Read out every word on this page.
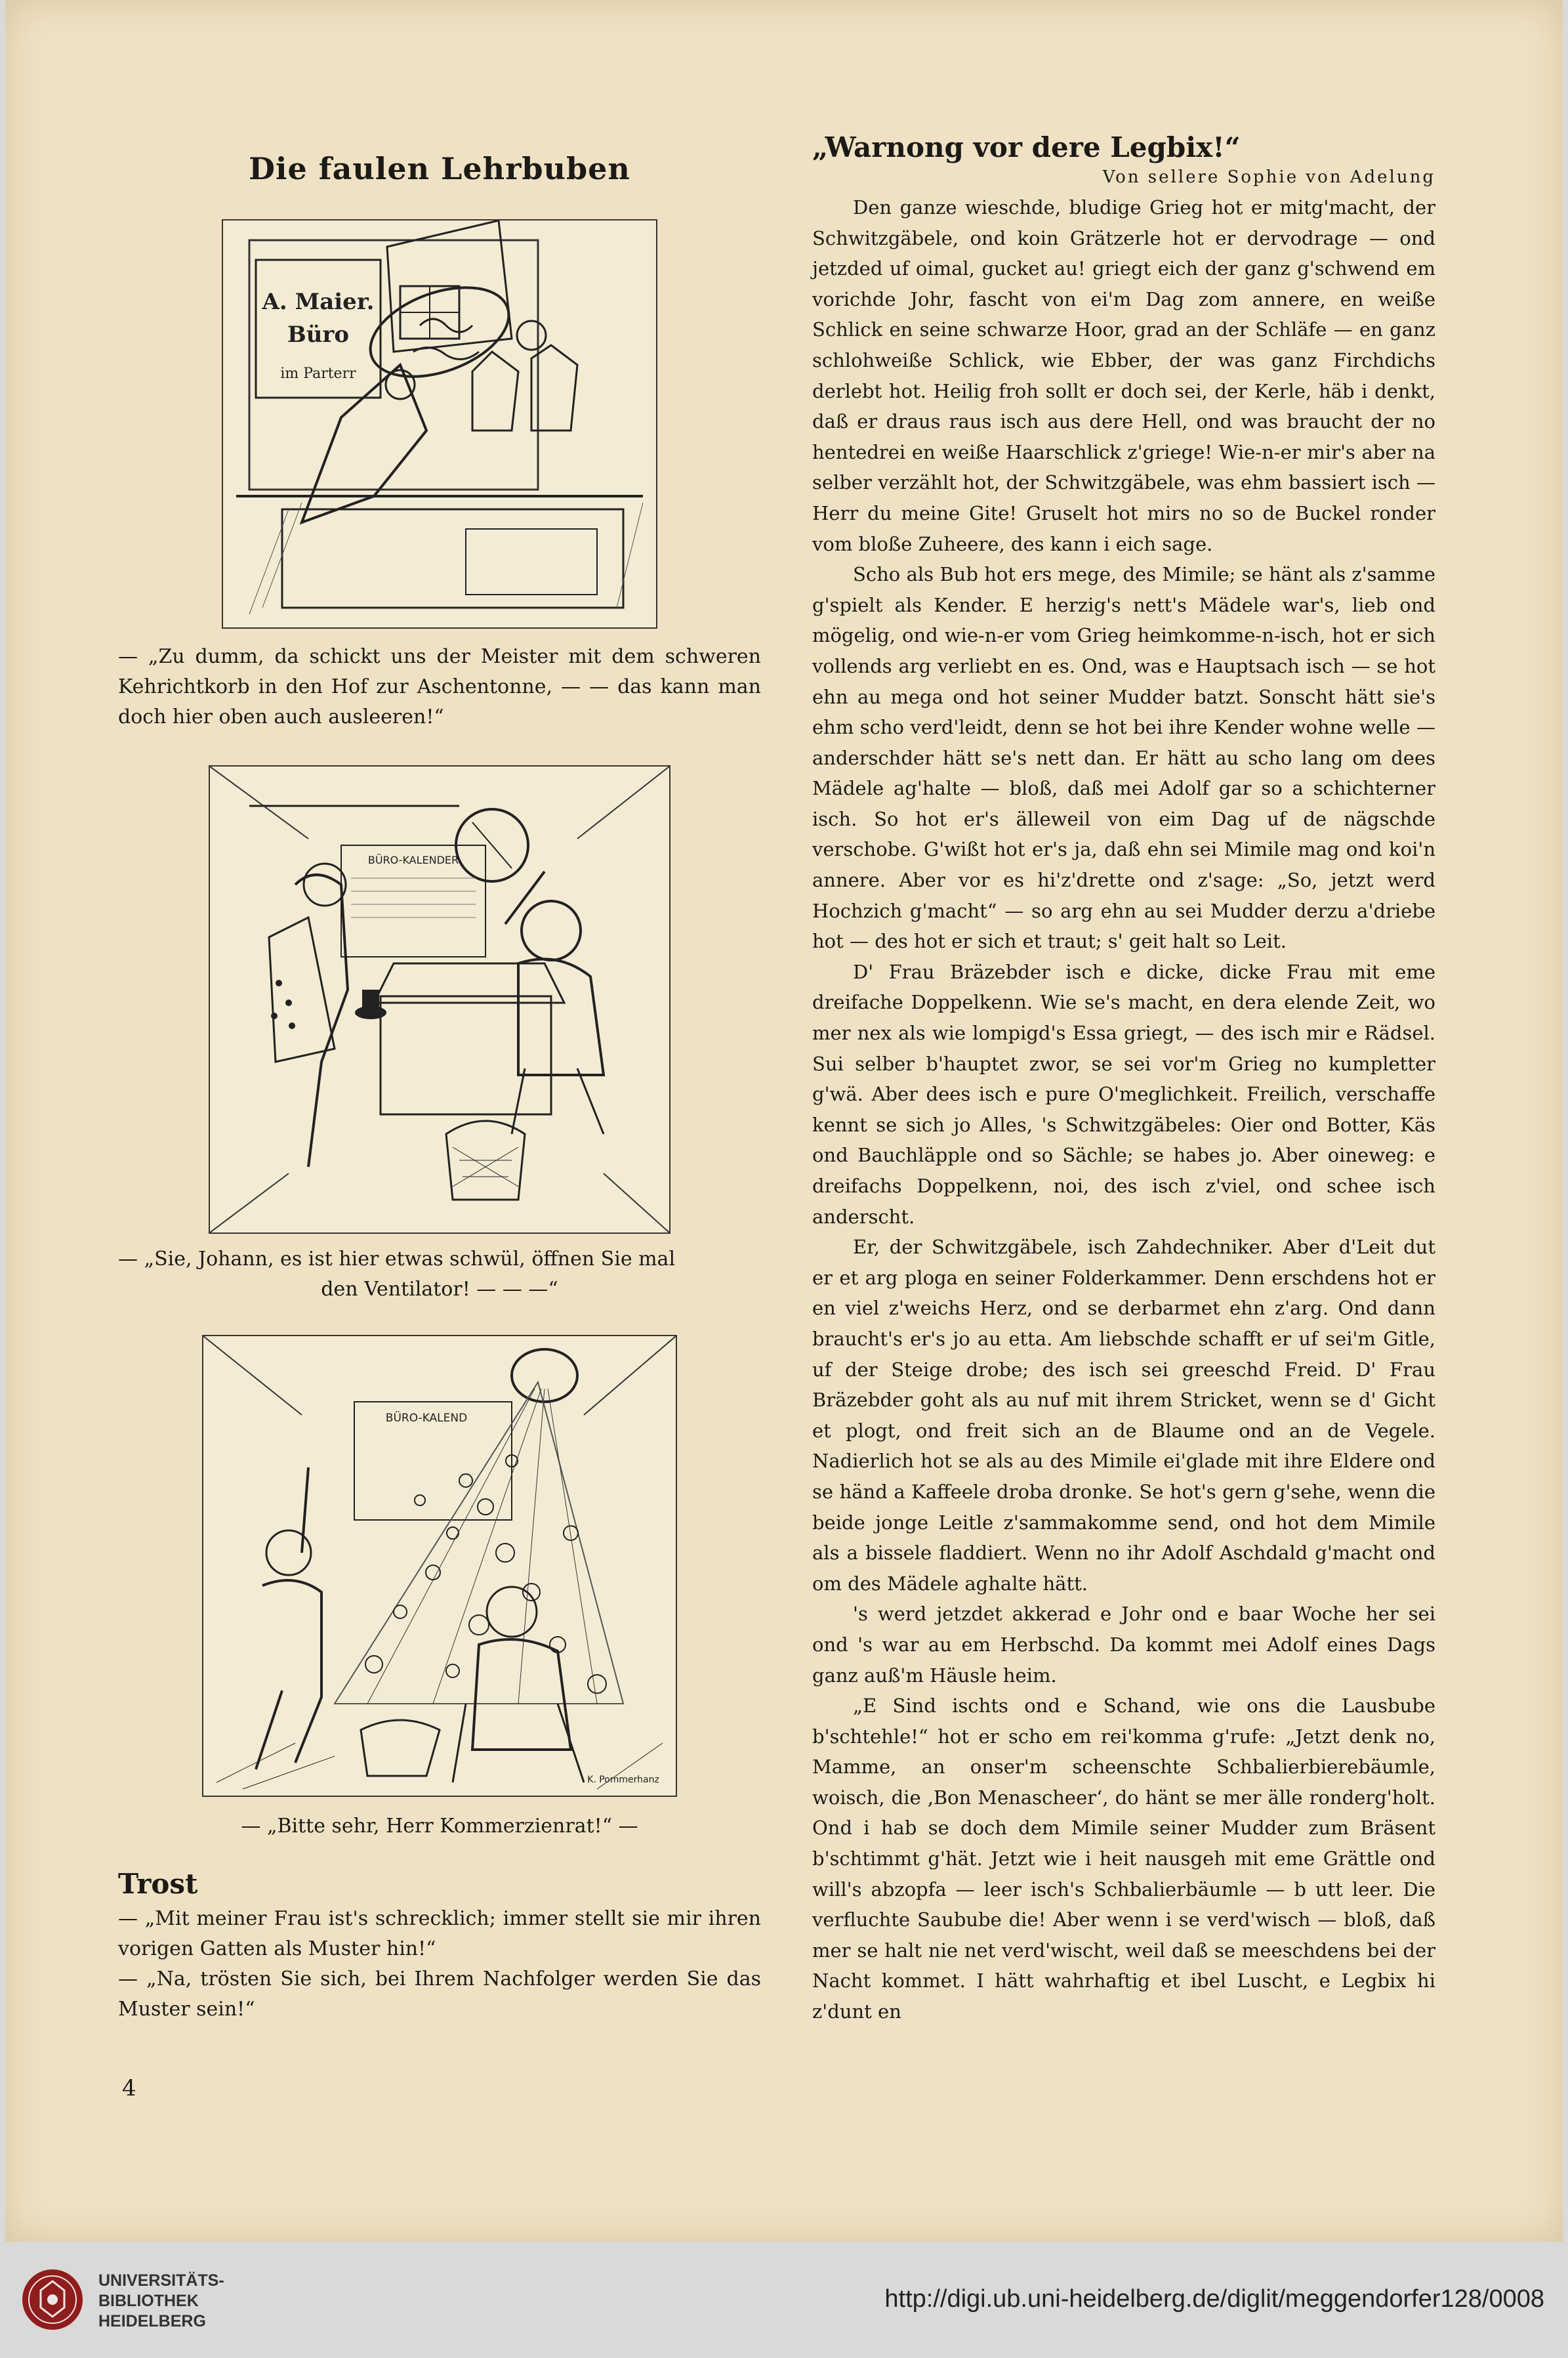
Die faulen Lehrbuben
A. Maier.
Büro
im Parterr

— „Zu dumm, da schickt uns der Meister mit dem schweren Kehrichtkorb in den Hof zur Aschentonne, — — das kann man doch hier oben auch ausleeren!“

BÜRO-KALENDER

— „Sie, Johann, es ist hier etwas schwül, öffnen Sie mal

den Ventilator! — — —“

BÜRO-KALEND
K. Pommerhanz

— „Bitte sehr, Herr Kommerzienrat!“ —

Trost

— „Mit meiner Frau ist's schrecklich; immer stellt sie mir ihren vorigen Gatten als Muster hin!“

— „Na, trösten Sie sich, bei Ihrem Nachfolger werden Sie das Muster sein!“

4
„Warnong vor dere Legbix!“
Von sellere Sophie von Adelung

Den ganze wieschde, bludige Grieg hot er mitg'macht, der Schwitzgäbele, ond koin Grätzerle hot er dervodrage — ond jetzded uf oimal, gucket au! griegt eich der ganz g'schwend em vorichde Johr, fascht von ei'm Dag zom annere, en weiße Schlick en seine schwarze Hoor, grad an der Schläfe — en ganz schlohweiße Schlick, wie Ebber, der was ganz Firchdichs derlebt hot. Heilig froh sollt er doch sei, der Kerle, häb i denkt, daß er draus raus isch aus dere Hell, ond was braucht der no hentedrei en weiße Haarschlick z'griege! Wie-n-er mir's aber na selber verzählt hot, der Schwitzgäbele, was ehm bassiert isch — Herr du meine Gite! Gruselt hot mirs no so de Buckel ronder vom bloße Zuheere, des kann i eich sage.

Scho als Bub hot ers mege, des Mimile; se hänt als z'samme g'spielt als Kender. E herzig's nett's Mädele war's, lieb ond mögelig, ond wie-n-er vom Grieg heimkomme-n-isch, hot er sich vollends arg verliebt en es. Ond, was e Hauptsach isch — se hot ehn au mega ond hot seiner Mudder batzt. Sonscht hätt sie's ehm scho verd'leidt, denn se hot bei ihre Kender wohne welle — anderschder hätt se's nett dan. Er hätt au scho lang om dees Mädele ag'halte — bloß, daß mei Adolf gar so a schichterner isch. So hot er's älleweil von eim Dag uf de nägschde verschobe. G'wißt hot er's ja, daß ehn sei Mimile mag ond koi'n annere. Aber vor es hi'z'drette ond z'sage: „So, jetzt werd Hochzich g'macht“ — so arg ehn au sei Mudder derzu a'driebe hot — des hot er sich et traut; s' geit halt so Leit.

D' Frau Bräzebder isch e dicke, dicke Frau mit eme dreifache Doppelkenn. Wie se's macht, en dera elende Zeit, wo mer nex als wie lompigd's Essa griegt, — des isch mir e Rädsel. Sui selber b'hauptet zwor, se sei vor'm Grieg no kumpletter g'wä. Aber dees isch e pure O'meglichkeit. Freilich, verschaffe kennt se sich jo Alles, 's Schwitzgäbeles: Oier ond Botter, Käs ond Bauchläpple ond so Sächle; se habes jo. Aber oineweg: e dreifachs Doppelkenn, noi, des isch z'viel, ond schee isch anderscht.

Er, der Schwitzgäbele, isch Zahdechniker. Aber d'Leit dut er et arg ploga en seiner Folderkammer. Denn erschdens hot er en viel z'weichs Herz, ond se derbarmet ehn z'arg. Ond dann braucht's er's jo au etta. Am liebschde schafft er uf sei'm Gitle, uf der Steige drobe; des isch sei greeschd Freid. D' Frau Bräzebder goht als au nuf mit ihrem Stricket, wenn se d' Gicht et plogt, ond freit sich an de Blaume ond an de Vegele. Nadierlich hot se als au des Mimile ei'glade mit ihre Eldere ond se händ a Kaffeele droba dronke. Se hot's gern g'sehe, wenn die beide jonge Leitle z'sammakomme send, ond hot dem Mimile als a bissele fladdiert. Wenn no ihr Adolf Aschdald g'macht ond om des Mädele aghalte hätt.

's werd jetzdet akkerad e Johr ond e baar Woche her sei ond 's war au em Herbschd. Da kommt mei Adolf eines Dags ganz auß'm Häusle heim.

„E Sind ischts ond e Schand, wie ons die Lausbube b'schtehle!“ hot er scho em rei'komma g'rufe: „Jetzt denk no, Mamme, an onser'm scheenschte Schbalierbierebäumle, woisch, die ‚Bon Menascheer‘, do hänt se mer älle ronderg'holt. Ond i hab se doch dem Mimile seiner Mudder zum Bräsent b'schtimmt g'hät. Jetzt wie i heit nausgeh mit eme Grättle ond will's abzopfa — leer isch's Schbalierbäumle — b utt leer. Die verfluchte Saubube die! Aber wenn i se verd'wisch — bloß, daß mer se halt nie net verd'wischt, weil daß se meeschdens bei der Nacht kommet. I hätt wahrhaftig et ibel Luscht, e Legbix hi z'dunt en

UNIVERSITÄTS-
BIBLIOTHEK
HEIDELBERG
http://digi.ub.uni-heidelberg.de/diglit/meggendorfer128/0008
